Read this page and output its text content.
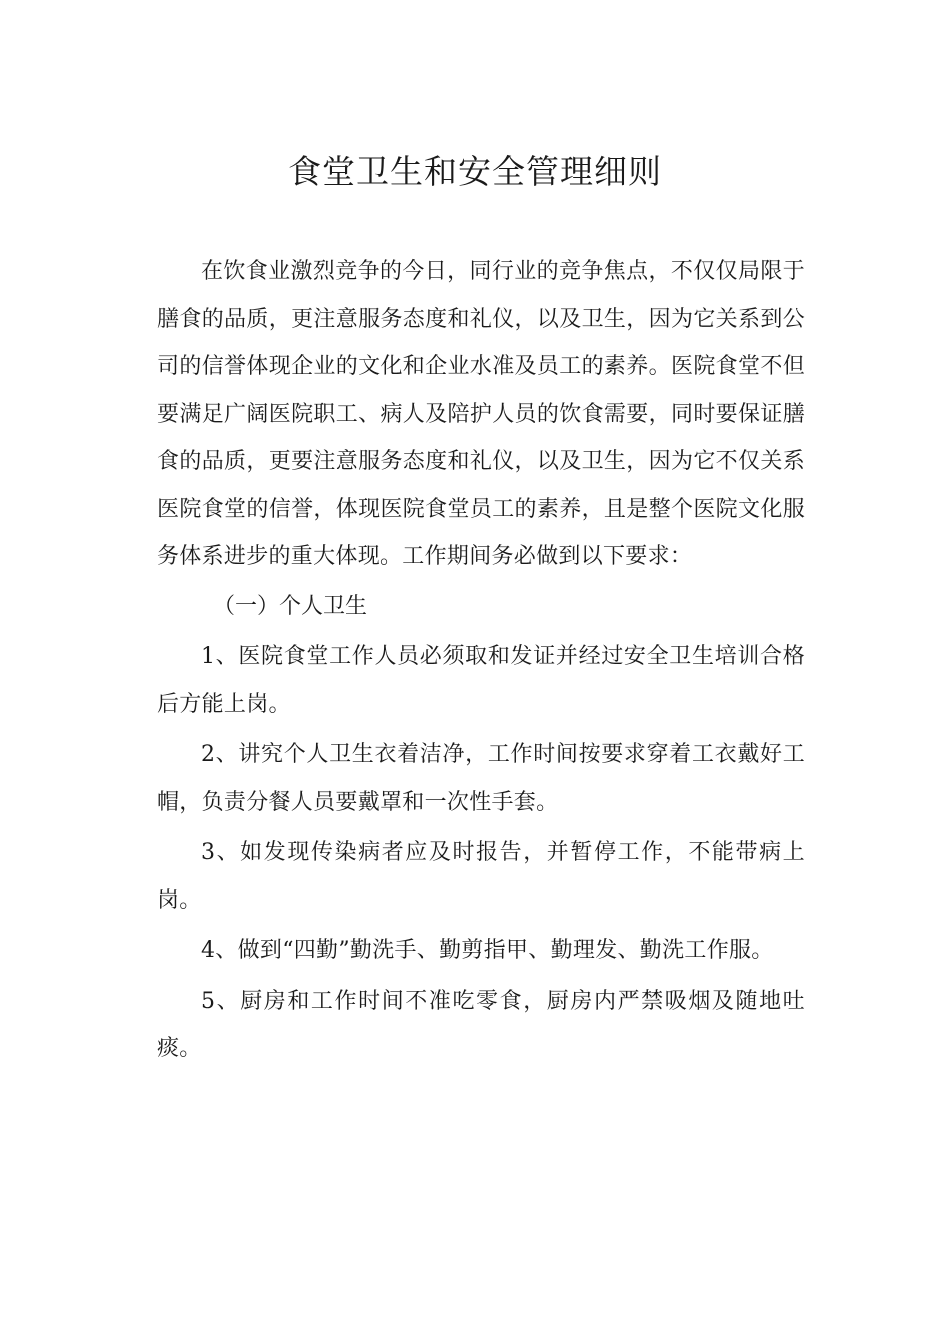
食堂卫生和安全管理细则

在饮食业激烈竞争的今日，同行业的竞争焦点，不仅仅局限于膳食的品质，更注意服务态度和礼仪，以及卫生，因为它关系到公司的信誉体现企业的文化和企业水准及员工的素养。医院食堂不但要满足广阔医院职工、病人及陪护人员的饮食需要，同时要保证膳食的品质，更要注意服务态度和礼仪，以及卫生，因为它不仅关系医院食堂的信誉，体现医院食堂员工的素养，且是整个医院文化服务体系进步的重大体现。工作期间务必做到以下要求：

（一）个人卫生

1、医院食堂工作人员必须取和发证并经过安全卫生培训合格后方能上岗。

2、讲究个人卫生衣着洁净，工作时间按要求穿着工衣戴好工帽，负责分餐人员要戴罩和一次性手套。

3、如发现传染病者应及时报告，并暂停工作，不能带病上岗。

4、做到“四勤”勤洗手、勤剪指甲、勤理发、勤洗工作服。

5、厨房和工作时间不准吃零食，厨房内严禁吸烟及随地吐痰。
